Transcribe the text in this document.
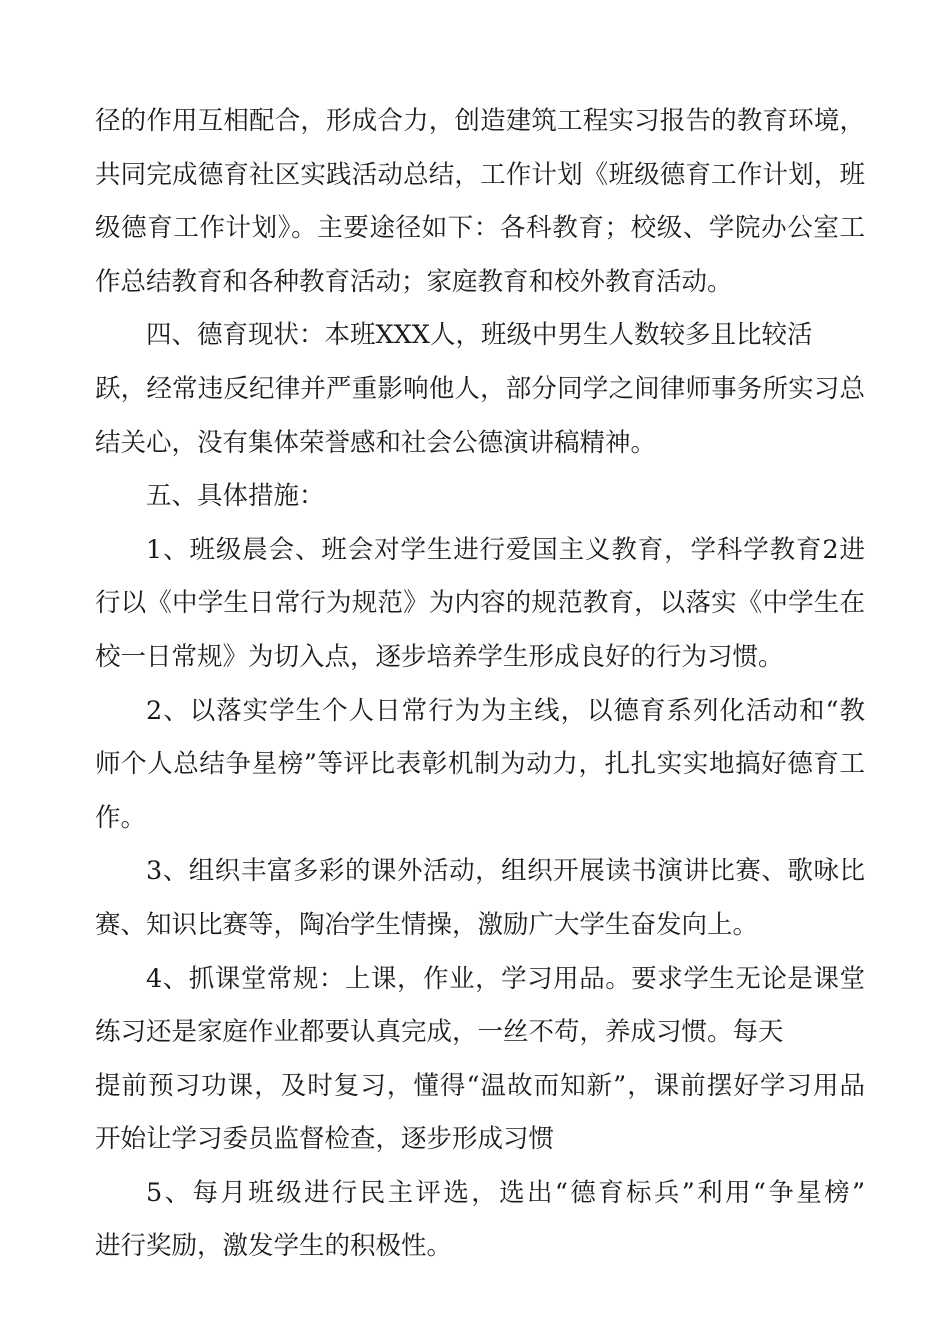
径的作用互相配合，形成合力，创造建筑工程实习报告的教育环境，
共同完成德育社区实践活动总结，工作计划《班级德育工作计划，班
级德育工作计划》。主要途径如下：各科教育；校级、学院办公室工
作总结教育和各种教育活动；家庭教育和校外教育活动。
四、德育现状：本班XXX人，班级中男生人数较多且比较活
跃，经常违反纪律并严重影响他人，部分同学之间律师事务所实习总
结关心，没有集体荣誉感和社会公德演讲稿精神。
五、具体措施：
1、班级晨会、班会对学生进行爱国主义教育，学科学教育2进
行以《中学生日常行为规范》为内容的规范教育，以落实《中学生在
校一日常规》为切入点，逐步培养学生形成良好的行为习惯。
2、以落实学生个人日常行为为主线，以德育系列化活动和“教
师个人总结争星榜”等评比表彰机制为动力，扎扎实实地搞好德育工
作。
3、组织丰富多彩的课外活动，组织开展读书演讲比赛、歌咏比
赛、知识比赛等，陶冶学生情操，激励广大学生奋发向上。
4、抓课堂常规：上课，作业，学习用品。要求学生无论是课堂
练习还是家庭作业都要认真完成，一丝不苟，养成习惯。每天
提前预习功课，及时复习，懂得“温故而知新”，课前摆好学习用品
开始让学习委员监督检查，逐步形成习惯
5、每月班级进行民主评选，选出“德育标兵”利用“争星榜”
进行奖励，激发学生的积极性。
